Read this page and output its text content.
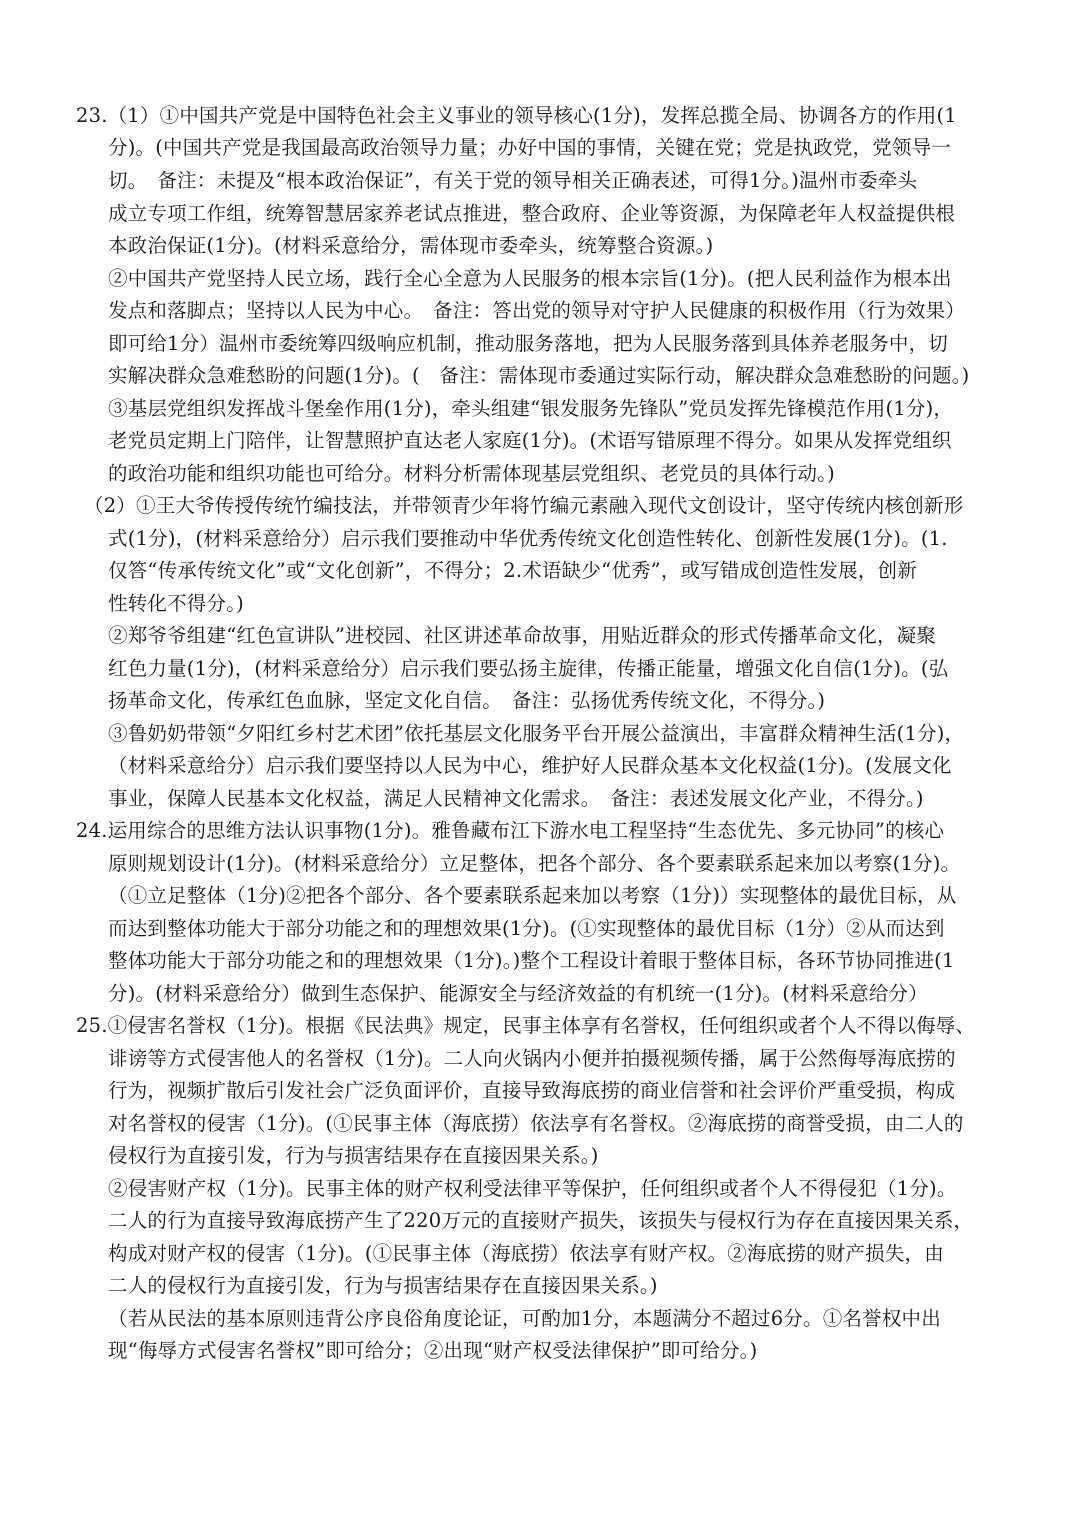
23.（1）①中国共产党是中国特色社会主义事业的领导核心(1分)，发挥总揽全局、协调各方的作用(1
分)。(中国共产党是我国最高政治领导力量；办好中国的事情，关键在党；党是执政党，党领导一
切。　备注：未提及“根本政治保证”，有关于党的领导相关正确表述，可得1分。)温州市委牵头
成立专项工作组，统筹智慧居家养老试点推进，整合政府、企业等资源，为保障老年人权益提供根
本政治保证(1分)。(材料采意给分，需体现市委牵头，统筹整合资源。)
②中国共产党坚持人民立场，践行全心全意为人民服务的根本宗旨(1分)。(把人民利益作为根本出
发点和落脚点；坚持以人民为中心。　备注：答出党的领导对守护人民健康的积极作用（行为效果）
即可给1分）温州市委统筹四级响应机制，推动服务落地，把为人民服务落到具体养老服务中，切
实解决群众急难愁盼的问题(1分)。(　备注：需体现市委通过实际行动，解决群众急难愁盼的问题。)
③基层党组织发挥战斗堡垒作用(1分)，牵头组建“银发服务先锋队”党员发挥先锋模范作用(1分)，
老党员定期上门陪伴，让智慧照护直达老人家庭(1分)。(术语写错原理不得分。如果从发挥党组织
的政治功能和组织功能也可给分。材料分析需体现基层党组织、老党员的具体行动。)
（2）①王大爷传授传统竹编技法，并带领青少年将竹编元素融入现代文创设计，坚守传统内核创新形
式(1分)，(材料采意给分）启示我们要推动中华优秀传统文化创造性转化、创新性发展(1分)。(1.
仅答“传承传统文化”或“文化创新”，不得分；2.术语缺少“优秀”，或写错成创造性发展，创新
性转化不得分。)
②郑爷爷组建“红色宣讲队”进校园、社区讲述革命故事，用贴近群众的形式传播革命文化，凝聚
红色力量(1分)，(材料采意给分）启示我们要弘扬主旋律，传播正能量，增强文化自信(1分)。(弘
扬革命文化，传承红色血脉，坚定文化自信。　备注：弘扬优秀传统文化，不得分。)
③鲁奶奶带领“夕阳红乡村艺术团”依托基层文化服务平台开展公益演出，丰富群众精神生活(1分)，
（材料采意给分）启示我们要坚持以人民为中心，维护好人民群众基本文化权益(1分)。(发展文化
事业，保障人民基本文化权益，满足人民精神文化需求。　备注：表述发展文化产业，不得分。)
24.运用综合的思维方法认识事物(1分)。雅鲁藏布江下游水电工程坚持“生态优先、多元协同”的核心
原则规划设计(1分)。(材料采意给分）立足整体，把各个部分、各个要素联系起来加以考察(1分)。
（①立足整体（1分)②把各个部分、各个要素联系起来加以考察（1分)）实现整体的最优目标，从
而达到整体功能大于部分功能之和的理想效果(1分)。(①实现整体的最优目标（1分）②从而达到
整体功能大于部分功能之和的理想效果（1分)。)整个工程设计着眼于整体目标，各环节协同推进(1
分)。(材料采意给分）做到生态保护、能源安全与经济效益的有机统一(1分)。(材料采意给分）
25.①侵害名誉权（1分)。根据《民法典》规定，民事主体享有名誉权，任何组织或者个人不得以侮辱、
诽谤等方式侵害他人的名誉权（1分)。二人向火锅内小便并拍摄视频传播，属于公然侮辱海底捞的
行为，视频扩散后引发社会广泛负面评价，直接导致海底捞的商业信誉和社会评价严重受损，构成
对名誉权的侵害（1分)。(①民事主体（海底捞）依法享有名誉权。②海底捞的商誉受损，由二人的
侵权行为直接引发，行为与损害结果存在直接因果关系。)
②侵害财产权（1分)。民事主体的财产权利受法律平等保护，任何组织或者个人不得侵犯（1分)。
二人的行为直接导致海底捞产生了220万元的直接财产损失，该损失与侵权行为存在直接因果关系，
构成对财产权的侵害（1分)。(①民事主体（海底捞）依法享有财产权。②海底捞的财产损失，由
二人的侵权行为直接引发，行为与损害结果存在直接因果关系。)
（若从民法的基本原则违背公序良俗角度论证，可酌加1分，本题满分不超过6分。①名誉权中出
现“侮辱方式侵害名誉权”即可给分；②出现“财产权受法律保护”即可给分。)
